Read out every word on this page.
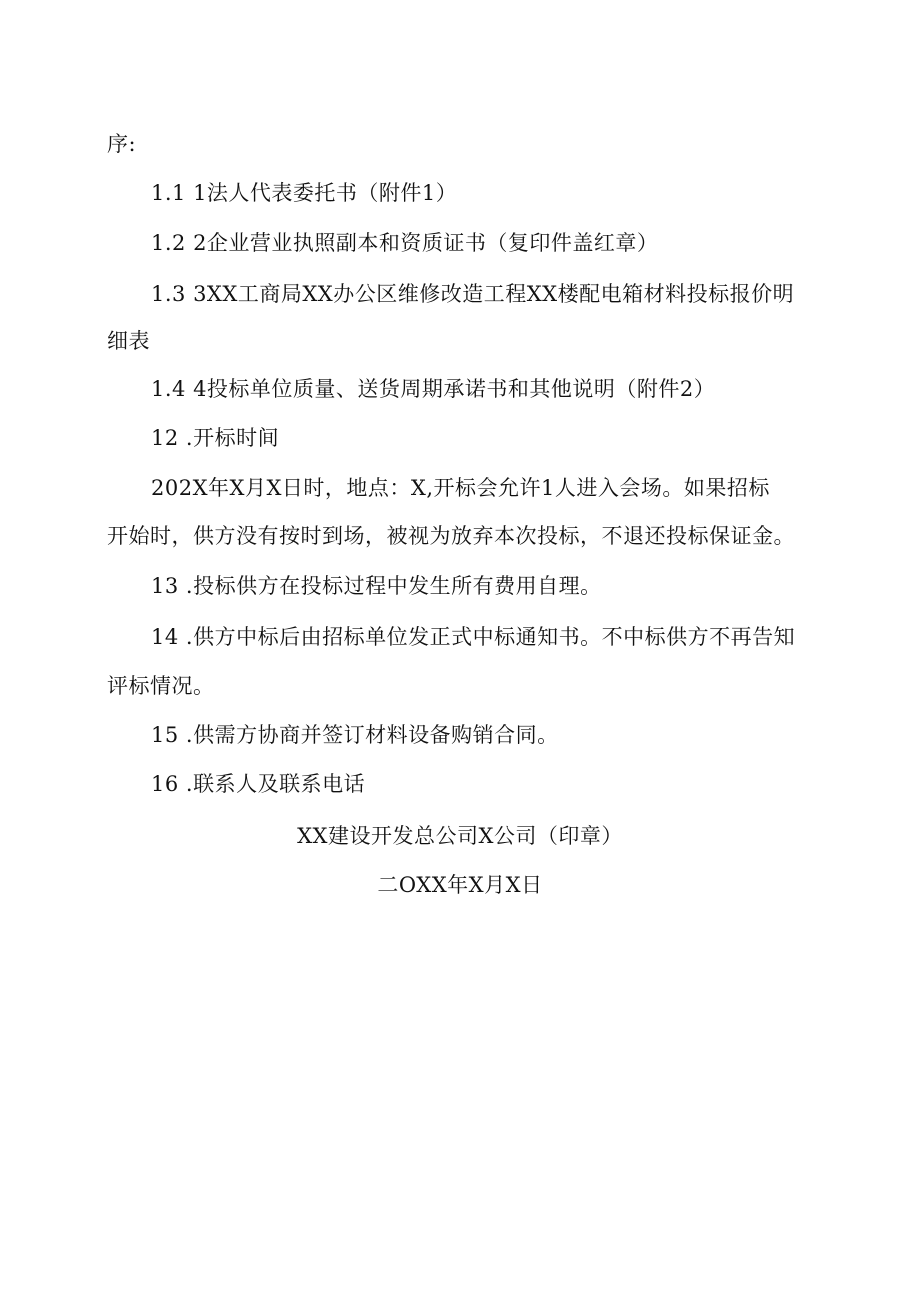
序:
1.1 1法人代表委托书（附件1）
1.2 2企业营业执照副本和资质证书（复印件盖红章）
1.3 3XX工商局XX办公区维修改造工程XX楼配电箱材料投标报价明
细表
1.4 4投标单位质量、送货周期承诺书和其他说明（附件2）
12 .开标时间
202X年X月X日时，地点：X,开标会允许1人进入会场。如果招标
开始时，供方没有按时到场，被视为放弃本次投标，不退还投标保证金。
13 .投标供方在投标过程中发生所有费用自理。
14 .供方中标后由招标单位发正式中标通知书。不中标供方不再告知
评标情况。
15 .供需方协商并签订材料设备购销合同。
16 .联系人及联系电话
XX建设开发总公司X公司（印章）
二OXX年X月X日
